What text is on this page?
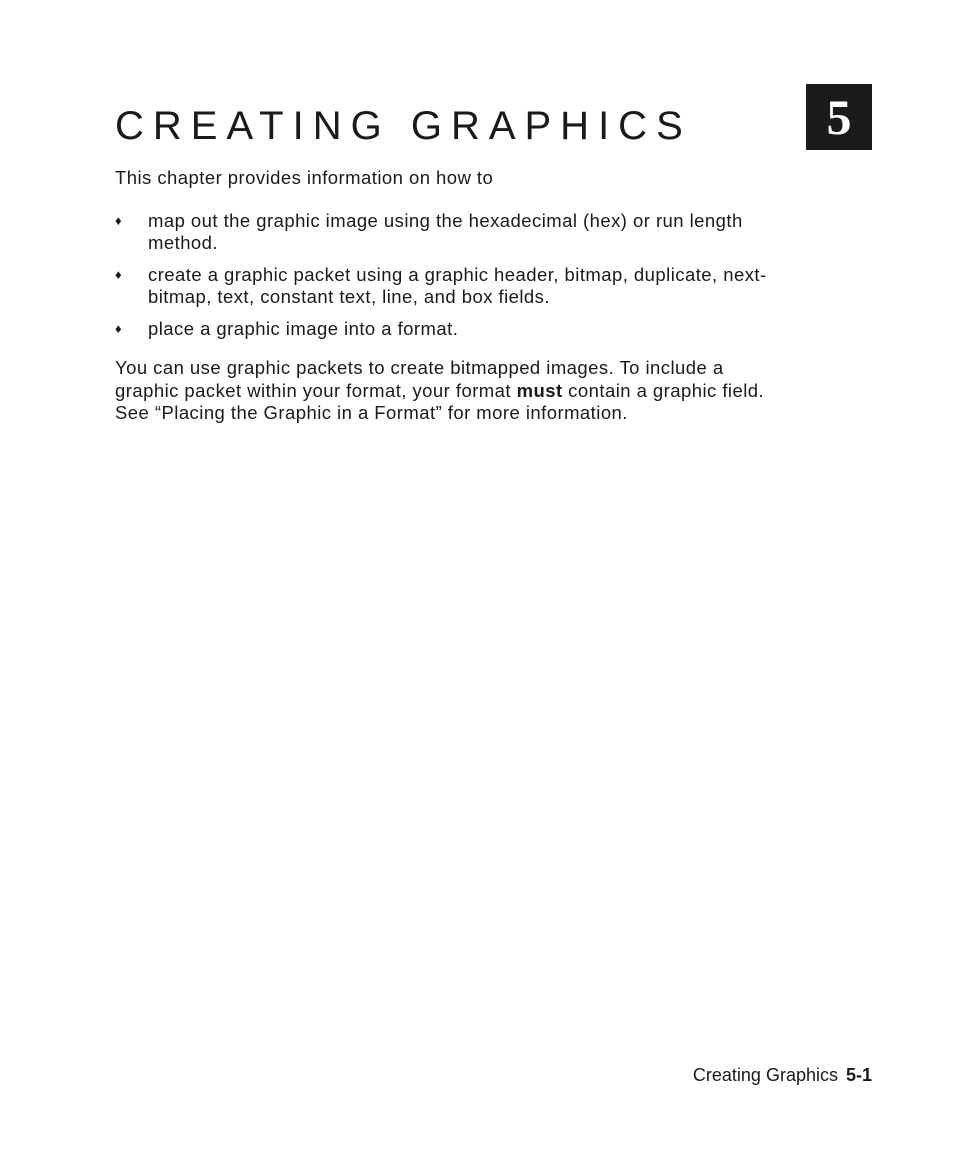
CREATING GRAPHICS	5

This chapter provides information on how to

♦ map out the graphic image using the hexadecimal (hex) or run length method.
♦ create a graphic packet using a graphic header, bitmap, duplicate, next-bitmap, text, constant text, line, and box fields.
♦ place a graphic image into a format.

You can use graphic packets to create bitmapped images. To include a graphic packet within your format, your format must contain a graphic field. See “Placing the Graphic in a Format” for more information.

Creating Graphics 5-1
